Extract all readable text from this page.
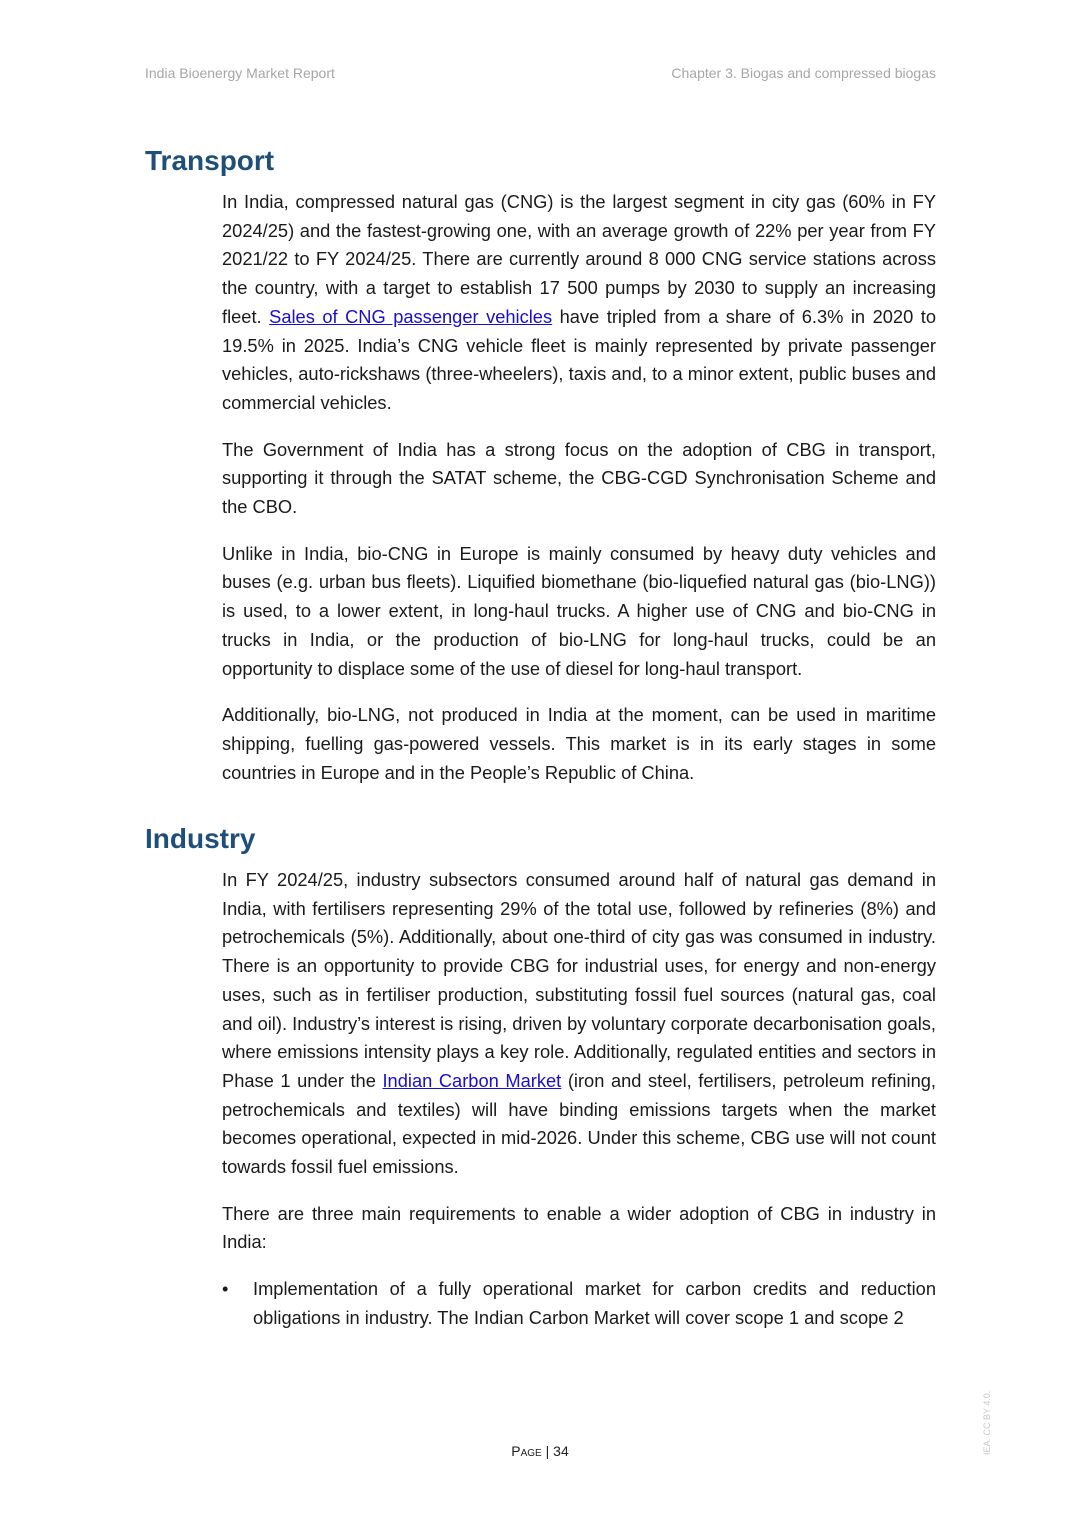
India Bioenergy Market Report	Chapter 3. Biogas and compressed biogas
Transport

In India, compressed natural gas (CNG) is the largest segment in city gas (60% in FY 2024/25) and the fastest-growing one, with an average growth of 22% per year from FY 2021/22 to FY 2024/25. There are currently around 8 000 CNG service stations across the country, with a target to establish 17 500 pumps by 2030 to supply an increasing fleet. Sales of CNG passenger vehicles have tripled from a share of 6.3% in 2020 to 19.5% in 2025. India’s CNG vehicle fleet is mainly represented by private passenger vehicles, auto-rickshaws (three-wheelers), taxis and, to a minor extent, public buses and commercial vehicles.

The Government of India has a strong focus on the adoption of CBG in transport, supporting it through the SATAT scheme, the CBG-CGD Synchronisation Scheme and the CBO.

Unlike in India, bio-CNG in Europe is mainly consumed by heavy duty vehicles and buses (e.g. urban bus fleets). Liquified biomethane (bio-liquefied natural gas (bio-LNG)) is used, to a lower extent, in long-haul trucks. A higher use of CNG and bio-CNG in trucks in India, or the production of bio-LNG for long-haul trucks, could be an opportunity to displace some of the use of diesel for long-haul transport.

Additionally, bio-LNG, not produced in India at the moment, can be used in maritime shipping, fuelling gas-powered vessels. This market is in its early stages in some countries in Europe and in the People’s Republic of China.

Industry

In FY 2024/25, industry subsectors consumed around half of natural gas demand in India, with fertilisers representing 29% of the total use, followed by refineries (8%) and petrochemicals (5%). Additionally, about one-third of city gas was consumed in industry. There is an opportunity to provide CBG for industrial uses, for energy and non-energy uses, such as in fertiliser production, substituting fossil fuel sources (natural gas, coal and oil). Industry’s interest is rising, driven by voluntary corporate decarbonisation goals, where emissions intensity plays a key role. Additionally, regulated entities and sectors in Phase 1 under the Indian Carbon Market (iron and steel, fertilisers, petroleum refining, petrochemicals and textiles) will have binding emissions targets when the market becomes operational, expected in mid-2026. Under this scheme, CBG use will not count towards fossil fuel emissions.

There are three main requirements to enable a wider adoption of CBG in industry in India:

• Implementation of a fully operational market for carbon credits and reduction obligations in industry. The Indian Carbon Market will cover scope 1 and scope 2
Page | 34	IEA. CC BY 4.0.
